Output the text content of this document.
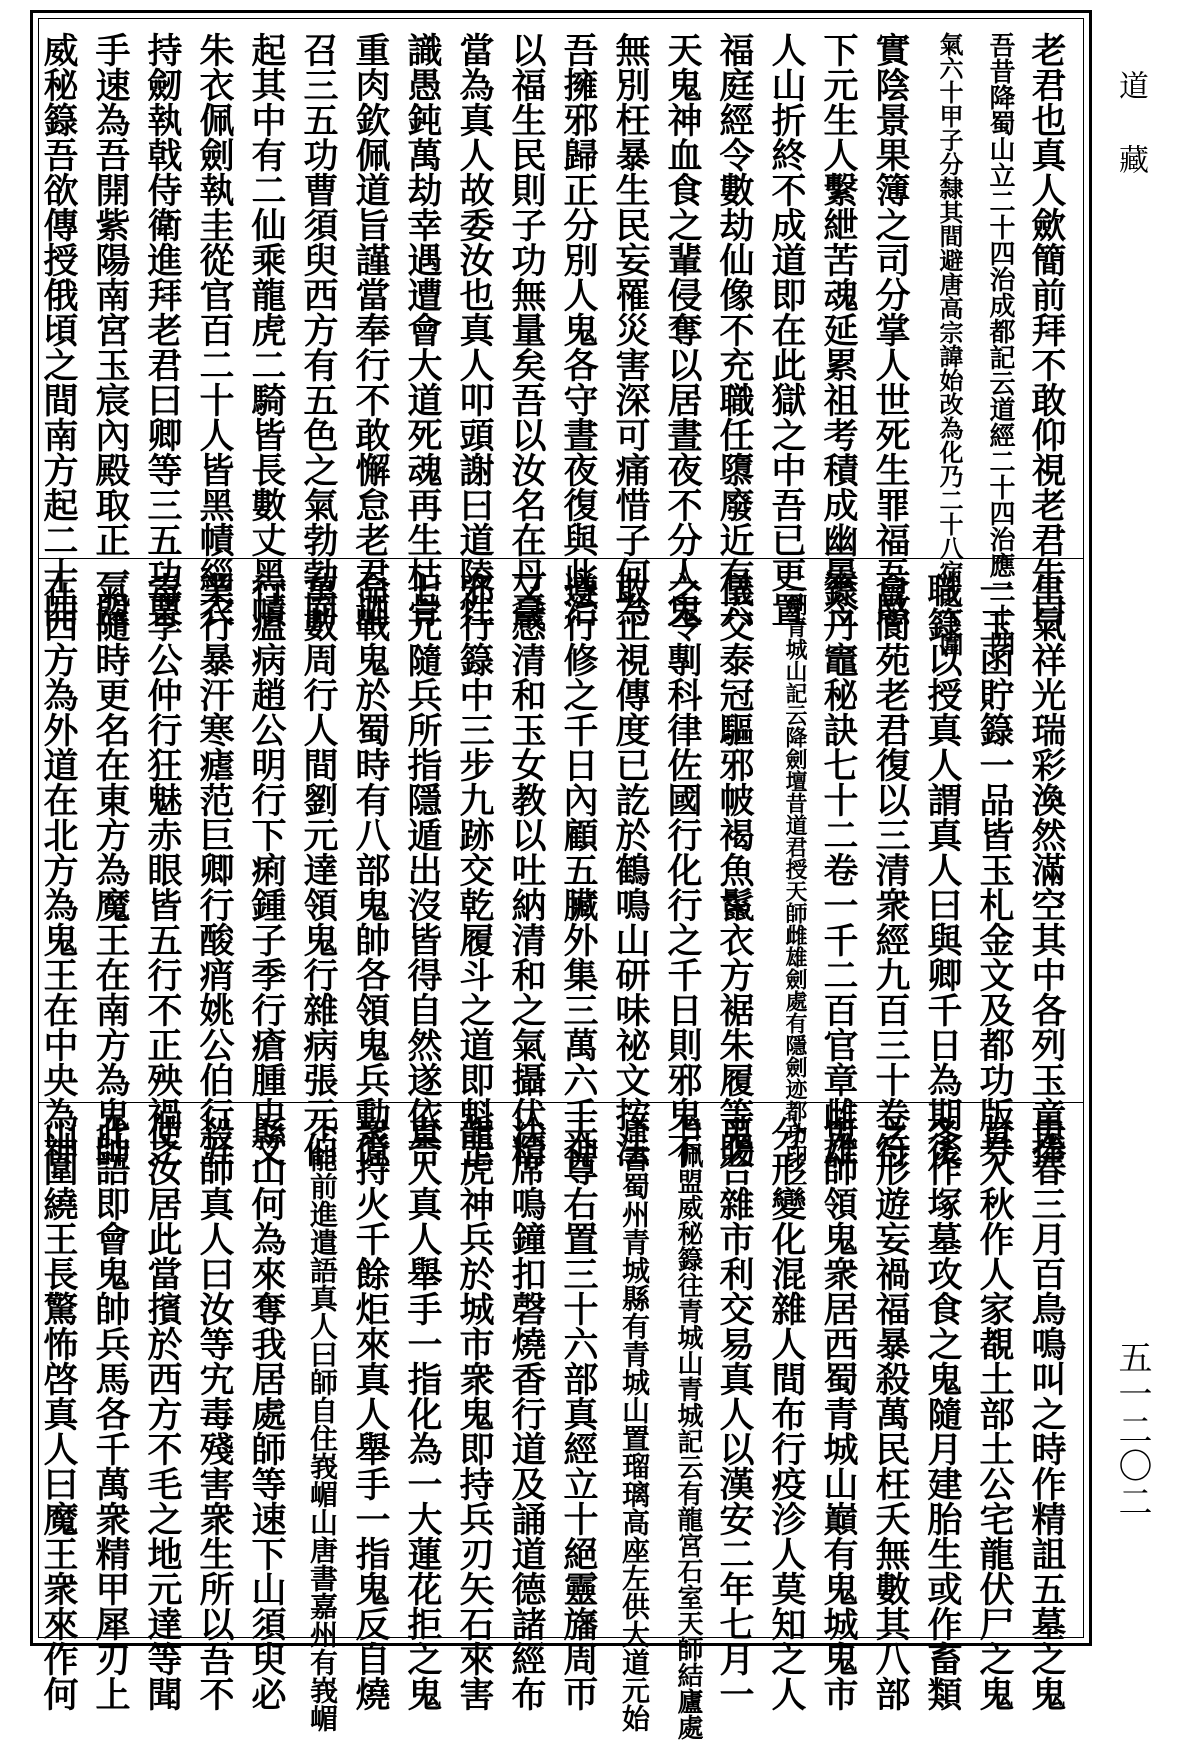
老君也真人歛簡前拜不敢仰視老君告曰
吾昔降蜀山立二十四治成都記云道經二十四治應二十四
氣六十甲子分隸其間避唐高宗諱始改為化乃二十八宿之下圍
實陰景果簿之司分掌人世死生罪福吾愍
下元生人繫紲苦魂延累祖考積成幽曓今
人山折終不成道即在此獄之中吾已更置
福庭經令數劫仙像不充職任隳廢近有六
天鬼神血食之輩侵奪以居晝夜不分人鬼
無別枉暴生民妄罹災害深可痛惜子何為
吾擁邪歸正分別人鬼各守晝夜復與此治
以福生民則子功無量矣吾以汝名在丹臺
當為真人故委汝也真人叩頭謝曰道陵性
識愚鈍萬劫幸遇遭會大道死魂再生枯骨
重肉欽佩道旨謹當奉行不敢懈怠老君迺
召三五功曹須臾西方有五色之氣勃勃而
起其中有二仙乘龍虎二騎皆長數丈黑幘
朱衣佩劍執圭從官百二十人皆黑幘緇衣
持劒執戟侍衛進拜老君曰卿等三五功曹
手速為吾開紫陽南宮玉宸內殿取正一盟
威秘籙吾欲傳授俄頃之間南方起二十四
生氣祥光瑞彩渙然滿空其中各列玉童捧
一玉函貯籙一品皆玉札金文及都功版券
職籙以授真人謂真人曰與卿千日為期後
會閬苑老君復以三清衆經九百三十卷符
籙丹竈秘訣七十二卷一千二百官章雌雄
二劍青城山記云降劍壇昔道君授天師雌雄劍處有隱劍迹都功印二
儀交泰冠驅邪帔褐魚鬣衣方裾朱履等賜
之令剸科律佐國行化行之千日則邪鬼不
敢正視傳度已訖於鶴鳴山研味祕文按法
遵行修之千日內顧五臟外集三萬六千神
又感清和玉女教以吐納清和之氣攝伏精
邪行籙中三步九跡交乾履斗之道即魁罡
七元隨兵所指隱遁出沒皆得自然遂依告
命戰鬼於蜀時有八部鬼帥各領鬼兵動億
萬數周行人間劉元達領鬼行雜病張元伯
行瘟病趙公明行下痢鍾子季行瘡腫史文
業行暴汗寒瘧范巨卿行酸痟姚公伯行五
毒李公仲行狂魅赤眼皆五行不正殃禍之
氣隨時更名在東方為魔王在南方為鬼帥
在西方為外道在北方為鬼王在中央為神
鬼春三月百鳥鳴叫之時作精詛五墓之鬼
直入秋作人家覩土部土公宅龍伏尸之鬼
冬作塚墓攻食之鬼隨月建胎生或作畜類
之形遊妄禍福暴殺萬民枉夭無數其八部
鬼帥領鬼衆居西蜀青城山巔有鬼城鬼市
分形變化混雜人間布行疫沴人莫知之人
鬼合雜市利交易真人以漢安二年七月一
日佩盟威秘籙往青城山青城記云有龍宮石室天師結廬處
唐書蜀州青城縣有青城山置瑠璃高座左供大道元始
天尊右置三十六部真經立十絕靈旛周帀
法席鳴鐘扣磬燒香行道及誦道德諸經布
龍虎神兵於城市衆鬼即持兵刃矢石來害
真人真人舉手一指化為一大蓮花拒之鬼
衆持火千餘炬來真人舉手一指鬼反自燒
不能前進遣語真人曰師自住峩嵋山唐書嘉州有峩嵋
縣山何為來奪我居處師等速下山須臾必
殺師真人曰汝等宄毒殘害衆生所以吾不
使汝居此當擯於西方不毛之地元達等聞
此語即會鬼帥兵馬各千萬衆精甲犀刃上
山圍繞王長驚怖啓真人曰魔王衆來作何
道藏
五一二〇二
